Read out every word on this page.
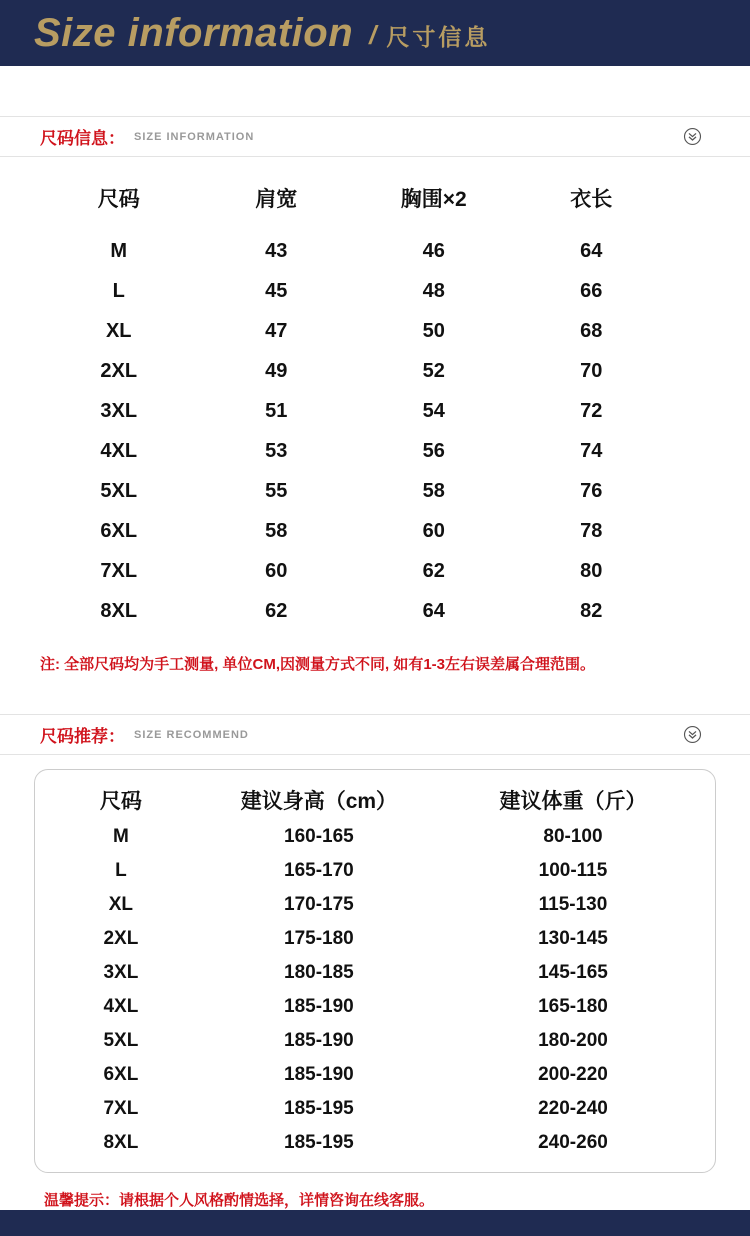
Size information / 尺寸信息
尺码信息： SIZE INFORMATION
尺码	肩宽	胸围×2	衣长
M	43	46	64
L	45	48	66
XL	47	50	68
2XL	49	52	70
3XL	51	54	72
4XL	53	56	74
5XL	55	58	76
6XL	58	60	78
7XL	60	62	80
8XL	62	64	82

注: 全部尺码均为手工测量, 单位CM,因测量方式不同, 如有1-3左右误差属合理范围。

尺码推荐： SIZE RECOMMEND
尺码	建议身高（cm）	建议体重（斤）
M	160-165	80-100
L	165-170	100-115
XL	170-175	115-130
2XL	175-180	130-145
3XL	180-185	145-165
4XL	185-190	165-180
5XL	185-190	180-200
6XL	185-190	200-220
7XL	185-195	220-240
8XL	185-195	240-260

温馨提示：请根据个人风格酌情选择，详情咨询在线客服。
